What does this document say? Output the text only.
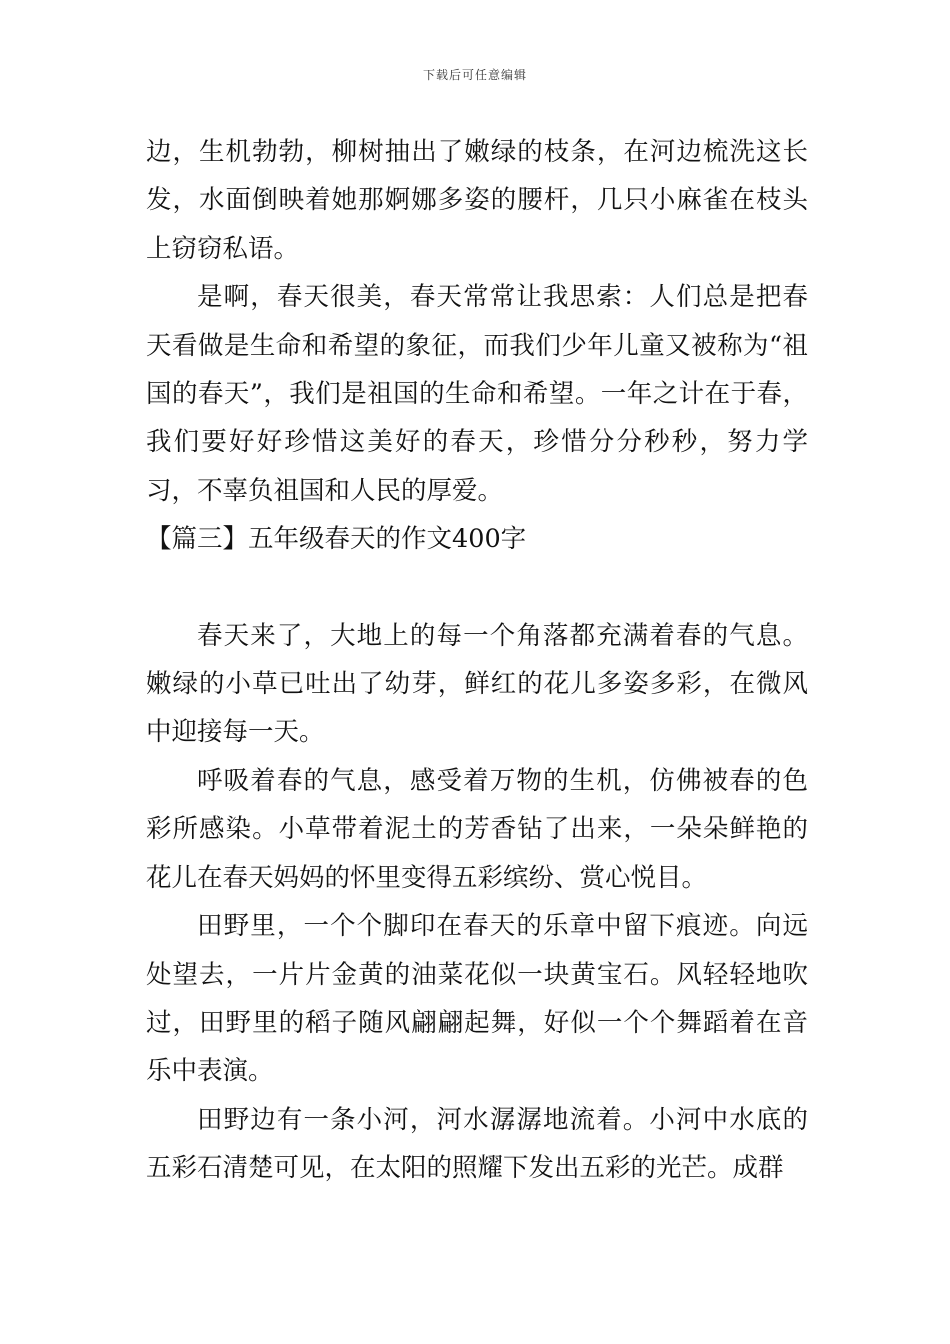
下载后可任意编辑

边，生机勃勃，柳树抽出了嫩绿的枝条，在河边梳洗这长发，水面倒映着她那婀娜多姿的腰杆，几只小麻雀在枝头上窃窃私语。

是啊，春天很美，春天常常让我思索：人们总是把春天看做是生命和希望的象征，而我们少年儿童又被称为“祖国的春天”，我们是祖国的生命和希望。一年之计在于春，我们要好好珍惜这美好的春天，珍惜分分秒秒，努力学习，不辜负祖国和人民的厚爱。

【篇三】五年级春天的作文400字

春天来了，大地上的每一个角落都充满着春的气息。嫩绿的小草已吐出了幼芽，鲜红的花儿多姿多彩，在微风中迎接每一天。

呼吸着春的气息，感受着万物的生机，仿佛被春的色彩所感染。小草带着泥土的芳香钻了出来，一朵朵鲜艳的花儿在春天妈妈的怀里变得五彩缤纷、赏心悦目。

田野里，一个个脚印在春天的乐章中留下痕迹。向远处望去，一片片金黄的油菜花似一块黄宝石。风轻轻地吹过，田野里的稻子随风翩翩起舞，好似一个个舞蹈着在音乐中表演。

田野边有一条小河，河水潺潺地流着。小河中水底的五彩石清楚可见，在太阳的照耀下发出五彩的光芒。成群
